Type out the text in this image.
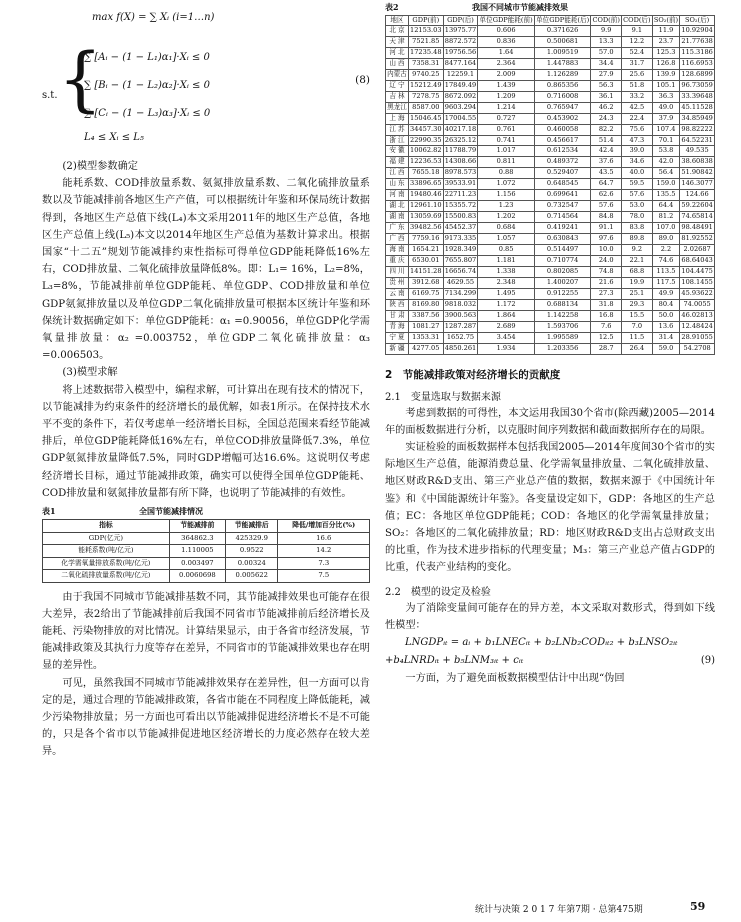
max f(X) = ∑ Xᵢ (i=1…n)
s.t. {
∑ [Aᵢ − (1 − L₁)α₁]·Xᵢ ≤ 0
∑ [Bᵢ − (1 − L₂)α₂]·Xᵢ ≤ 0
∑ [Cᵢ − (1 − L₃)α₃]·Xᵢ ≤ 0
L₄ ≤ Xᵢ ≤ L₅
(8)

(2)模型参数确定

能耗系数、COD排放量系数、氨氮排放量系数、二氧化硫排放量系数以及节能减排前各地区生产产值，可以根据统计年鉴和环保局统计数据得到，各地区生产总值下线(L₄)本文采用2011年的地区生产总值，各地区生产总值上线(L₅)本文以2014年地区生产总值为基数计算求出。根据国家“十二五”规划节能减排约束性指标可得单位GDP能耗降低16%左右，COD排放量、二氧化硫排放量降低8%。即：L₁= 16%，L₂=8%，L₃=8%，节能减排前单位GDP能耗、单位GDP、COD排放量和单位GDP氨氮排放量以及单位GDP二氧化硫排放量可根据本区统计年鉴和环保统计数据确定如下：单位GDP能耗：α₁ =0.90056，单位GDP化学需氧量排放量：α₂ =0.003752，单位GDP二氧化硫排放量：α₃ =0.006503。

(3)模型求解

将上述数据带入模型中，编程求解，可计算出在现有技术的情况下，以节能减排为约束条件的经济增长的最优解，如表1所示。在保持技术水平不变的条件下，若仅考虑单一经济增长目标，全国总范围来看经节能减排后，单位GDP能耗降低16%左右，单位COD排放量降低7.3%，单位GDP氨氮排放量降低7.5%，同时GDP增幅可达16.6%。这说明仅考虑经济增长目标，通过节能减排政策，确实可以使得全国单位GDP能耗、COD排放量和氨氮排放量都有所下降，也说明了节能减排的有效性。

表1	全国节能减排情况
指标	节能减排前	节能减排后	降低/增加百分比(%)
GDP(亿元)	364862.3	425329.9	16.6
能耗系数(吨/亿元)	1.110005	0.9522	14.2
化学需氧量排放系数(吨/亿元)	0.003497	0.00324	7.3
二氧化硫排放量系数(吨/亿元)	0.0060698	0.005622	7.5

由于我国不同城市节能减排基数不同，其节能减排效果也可能存在很大差异，表2给出了节能减排前后我国不同省市节能减排前后经济增长及能耗、污染物排放的对比情况。计算结果显示，由于各省市经济发展，节能减排政策及其执行力度等存在差异，不同省市的节能减排效果也存在明显的差异性。

可见，虽然我国不同城市节能减排效果存在差异性，但一方面可以肯定的是，通过合理的节能减排政策，各省市能在不同程度上降低能耗，减少污染物排放量；另一方面也可看出以节能减排促进经济增长不是不可能的，只是各个省市以节能减排促进地区经济增长的力度必然存在较大差异。

表2	我国不同城市节能减排效果
地区	GDP(前)	GDP(后)	单位GDP能耗(前)	单位GDP能耗(后)	COD(前)	COD(后)	SO₂(前)	SO₂(后)
北 京	12153.03	13975.77	0.606	0.371626	9.9	9.1	11.9	10.92904
天 津	7521.85	8872.572	0.836	0.500681	13.3	12.2	23.7	21.77638
河 北	17235.48	19756.56	1.64	1.009519	57.0	52.4	125.3	115.3186
山 西	7358.31	8477.164	2.364	1.447883	34.4	31.7	126.8	116.6953
内蒙古	9740.25	12259.1	2.009	1.126289	27.9	25.6	139.9	128.6899
辽 宁	15212.49	17849.49	1.439	0.865356	56.3	51.8	105.1	96.73059
吉 林	7278.75	8672.092	1.209	0.716008	36.1	33.2	36.3	33.39648
黑龙江	8587.00	9603.294	1.214	0.765947	46.2	42.5	49.0	45.11528
上 海	15046.45	17004.55	0.727	0.453902	24.3	22.4	37.9	34.85949
江 苏	34457.30	40217.18	0.761	0.460058	82.2	75.6	107.4	98.82222
浙 江	22990.35	26325.12	0.741	0.456617	51.4	47.3	70.1	64.52231
安 徽	10062.82	11788.79	1.017	0.612534	42.4	39.0	53.8	49.535
福 建	12236.53	14308.66	0.811	0.489372	37.6	34.6	42.0	38.60838
江 西	7655.18	8978.573	0.88	0.529407	43.5	40.0	56.4	51.90842
山 东	33896.65	39533.91	1.072	0.648545	64.7	59.5	159.0	146.3077
河 南	19480.46	22711.23	1.156	0.699641	62.6	57.6	135.5	124.66
湖 北	12961.10	15355.72	1.23	0.732547	57.6	53.0	64.4	59.22604
湖 南	13059.69	15500.83	1.202	0.714564	84.8	78.0	81.2	74.65814
广 东	39482.56	45452.37	0.684	0.419241	91.1	83.8	107.0	98.48491
广 西	7759.16	9173.335	1.057	0.630843	97.6	89.8	89.0	81.92552
海 南	1654.21	1928.349	0.85	0.514497	10.0	9.2	2.2	2.02687
重 庆	6530.01	7655.807	1.181	0.710774	24.0	22.1	74.6	68.64043
四 川	14151.28	16656.74	1.338	0.802085	74.8	68.8	113.5	104.4475
贵 州	3912.68	4629.55	2.348	1.400207	21.6	19.9	117.5	108.1455
云 南	6169.75	7134.299	1.495	0.912255	27.3	25.1	49.9	45.93622
陕 西	8169.80	9818.032	1.172	0.688134	31.8	29.3	80.4	74.0055
甘 肃	3387.56	3900.563	1.864	1.142258	16.8	15.5	50.0	46.02813
青 海	1081.27	1287.287	2.689	1.593706	7.6	7.0	13.6	12.48424
宁 夏	1353.31	1652.75	3.454	1.995589	12.5	11.5	31.4	28.91055
新 疆	4277.05	4850.261	1.934	1.203356	28.7	26.4	59.0	54.2708
2　节能减排政策对经济增长的贡献度
2.1　变量选取与数据来源

考虑到数据的可得性，本文运用我国30个省市(除西藏)2005—2014年的面板数据进行分析，以克服时间序列数据和截面数据所存在的局限。

实证检验的面板数据样本包括我国2005—2014年度间30个省市的实际地区生产总值，能源消费总量、化学需氧量排放量、二氧化硫排放量、地区财政R&D支出、第三产业总产值的数据，数据来源于《中国统计年鉴》和《中国能源统计年鉴》。各变量设定如下，GDP：各地区的生产总值；EC：各地区单位GDP能耗；COD：各地区的化学需氧量排放量；SO₂：各地区的二氧化硫排放量；RD：地区财政R&D支出占总财政支出的比重，作为技术进步指标的代理变量；M₃：第三产业总产值占GDP的比重，代表产业结构的变化。

2.2　模型的设定及检验

为了消除变量间可能存在的异方差，本文采取对数形式，得到如下线性模型：

LNGDPᵢₜ = aᵢ + b₁LNECᵢₜ + b₂LNb₂CODᵢₜ₂ + b₃LNSO₂ᵢₜ
+b₄LNRDᵢₜ + b₅LNM₃ᵢₜ + cᵢₜ	(9)

一方面，为了避免面板数据模型估计中出现“伪回

统计与决策 2 0 1 7 年第7期 · 总第475期	59
